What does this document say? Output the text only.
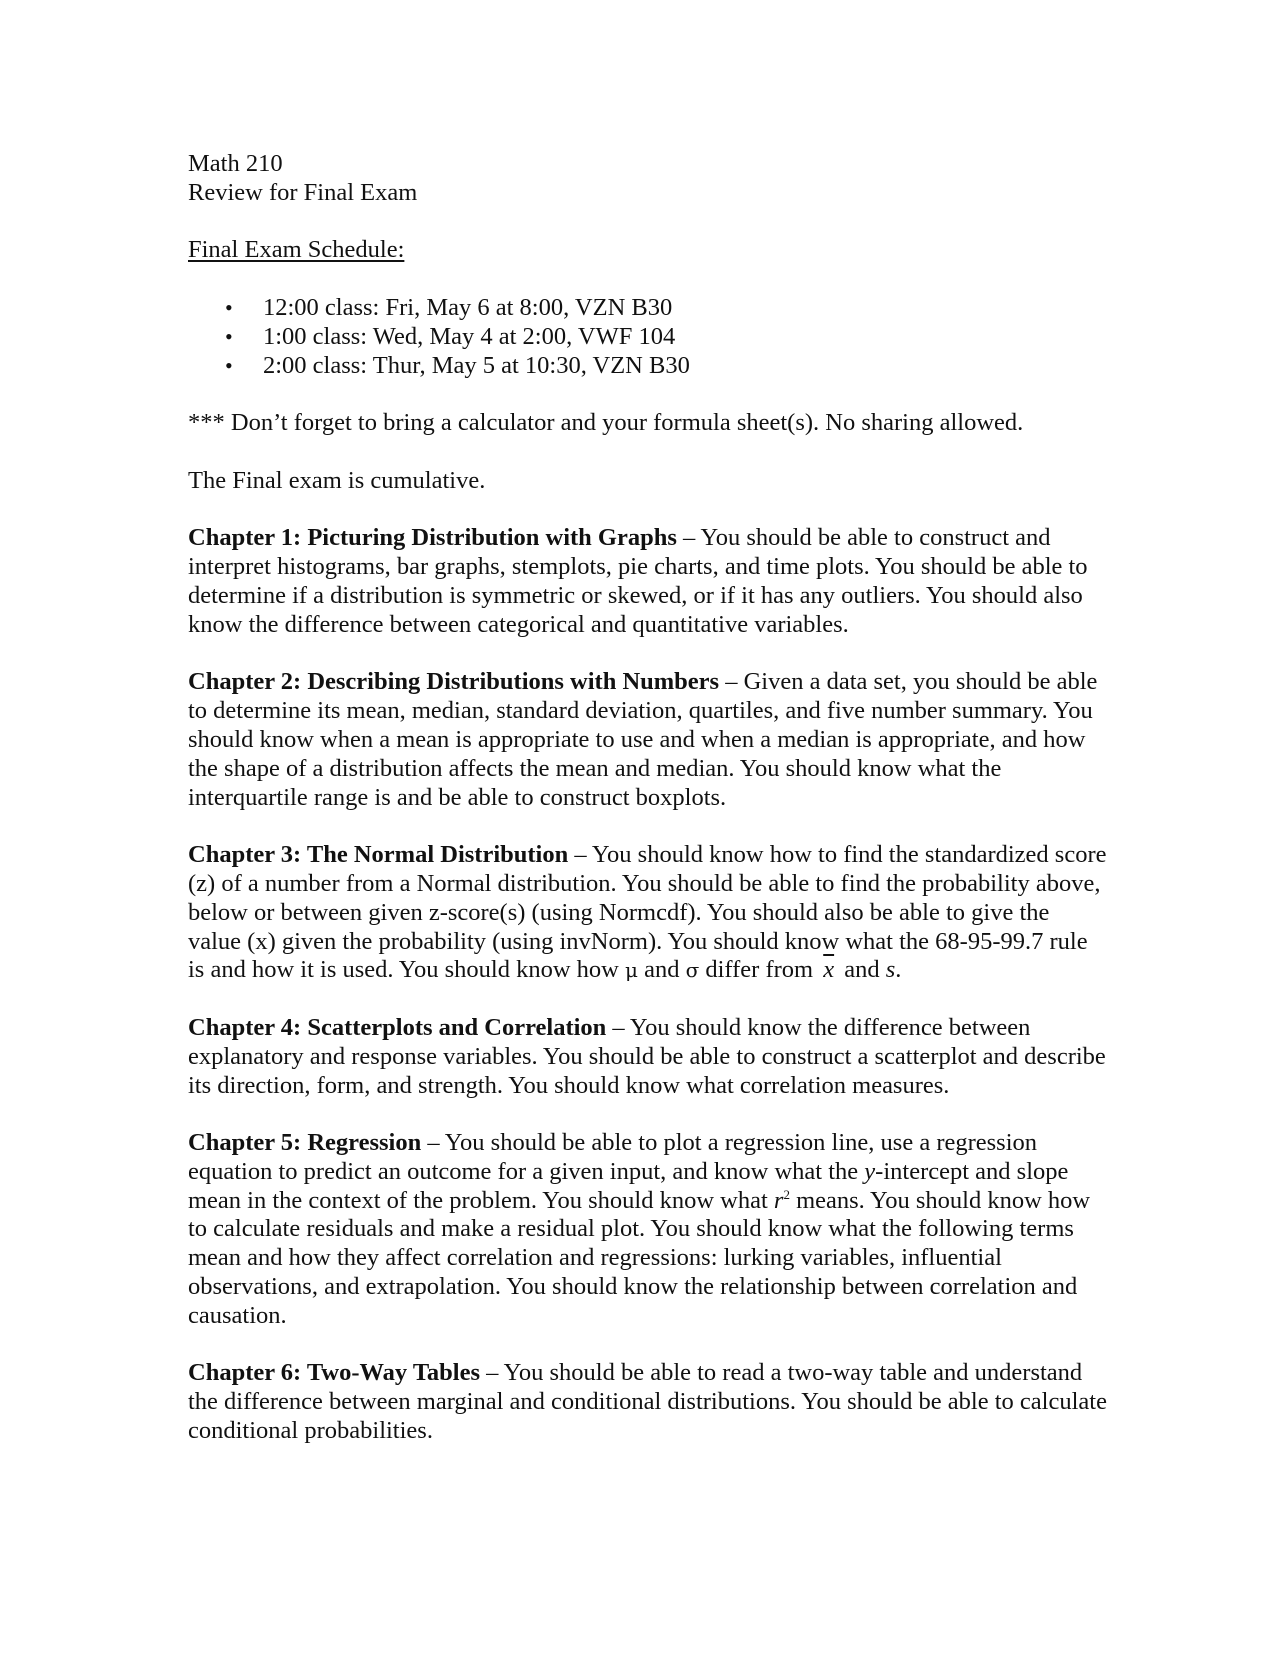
Math 210
Review for Final Exam
Final Exam Schedule:
• 12:00 class: Fri, May 6 at 8:00, VZN B30
• 1:00 class: Wed, May 4 at 2:00, VWF 104
• 2:00 class: Thur, May 5 at 10:30, VZN B30
*** Don’t forget to bring a calculator and your formula sheet(s). No sharing allowed.
The Final exam is cumulative.

Chapter 1: Picturing Distribution with Graphs – You should be able to construct and interpret histograms, bar graphs, stemplots, pie charts, and time plots. You should be able to determine if a distribution is symmetric or skewed, or if it has any outliers. You should also know the difference between categorical and quantitative variables.

Chapter 2: Describing Distributions with Numbers – Given a data set, you should be able to determine its mean, median, standard deviation, quartiles, and five number summary. You should know when a mean is appropriate to use and when a median is appropriate, and how the shape of a distribution affects the mean and median. You should know what the interquartile range is and be able to construct boxplots.

Chapter 3: The Normal Distribution – You should know how to find the standardized score (z) of a number from a Normal distribution. You should be able to find the probability above, below or between given z-score(s) (using Normcdf). You should also be able to give the value (x) given the probability (using invNorm). You should know what the 68-95-99.7 rule is and how it is used. You should know how μ and σ differ from $\overline{x}$ and s.

Chapter 4: Scatterplots and Correlation – You should know the difference between explanatory and response variables. You should be able to construct a scatterplot and describe its direction, form, and strength. You should know what correlation measures.

Chapter 5: Regression – You should be able to plot a regression line, use a regression equation to predict an outcome for a given input, and know what the y-intercept and slope mean in the context of the problem. You should know what $r^2$ means. You should know how to calculate residuals and make a residual plot. You should know what the following terms mean and how they affect correlation and regressions: lurking variables, influential observations, and extrapolation. You should know the relationship between correlation and causation.

Chapter 6: Two-Way Tables – You should be able to read a two-way table and understand the difference between marginal and conditional distributions. You should be able to calculate conditional probabilities.
